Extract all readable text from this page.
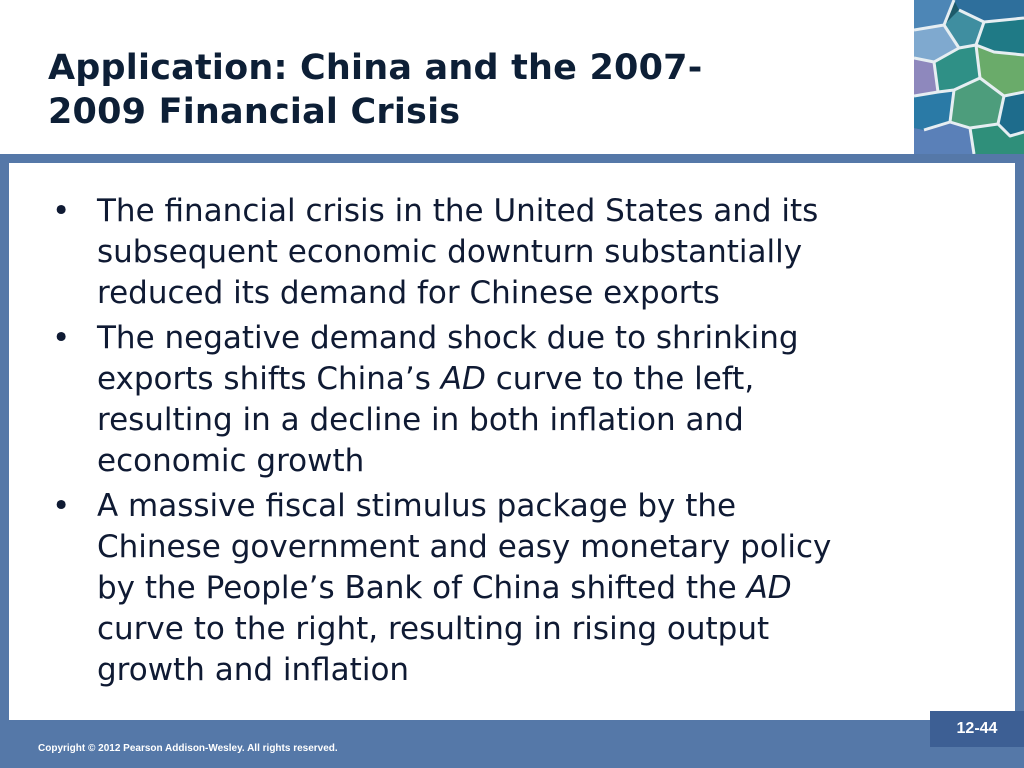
Application: China and the 2007-
2009 Financial Crisis
• The financial crisis in the United States and its
subsequent economic downturn substantially
reduced its demand for Chinese exports
• The negative demand shock due to shrinking
exports shifts China’s AD curve to the left,
resulting in a decline in both inflation and
economic growth
• A massive fiscal stimulus package by the
Chinese government and easy monetary policy
by the People’s Bank of China shifted the AD
curve to the right, resulting in rising output
growth and inflation
Copyright © 2012 Pearson Addison-Wesley. All rights reserved.
12-44
